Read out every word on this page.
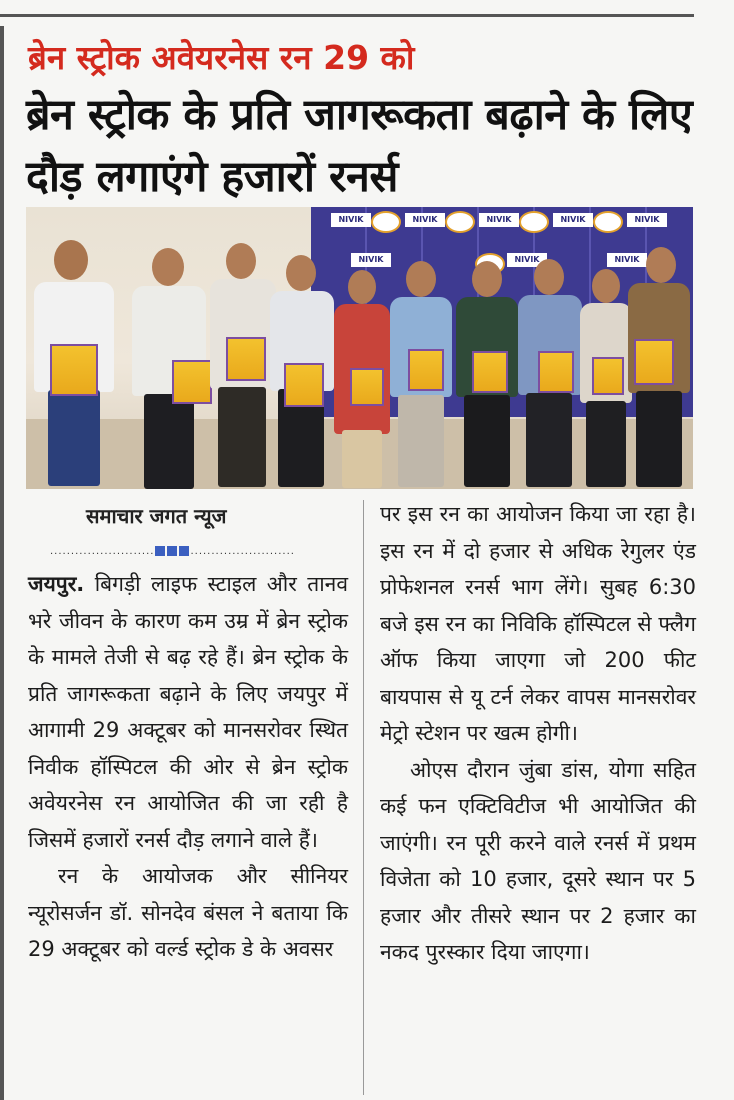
ब्रेन स्ट्रोक अवेयरनेस रन 29 को
ब्रेन स्ट्रोक के प्रति जागरूकता बढ़ाने के लिए दौड़ लगाएंगे हजारों रनर्स
NIVIK	NIVIK	NIVIK	NIVIK	NIVIK
NIVIK	NIVIK	NIVIK
समाचार जगत न्यूज
.........................	.........................

जयपुर. बिगड़ी लाइफ स्टाइल और तानव भरे जीवन के कारण कम उम्र में ब्रेन स्ट्रोक के मामले तेजी से बढ़ रहे हैं। ब्रेन स्ट्रोक के प्रति जागरूकता बढ़ाने के लिए जयपुर में आगामी 29 अक्टूबर को मानसरोवर स्थित निवीक हॉस्पिटल की ओर से ब्रेन स्ट्रोक अवेयरनेस रन आयोजित की जा रही है जिसमें हजारों रनर्स दौड़ लगाने वाले हैं।

रन के आयोजक और सीनियर न्यूरोसर्जन डॉ. सोनदेव बंसल ने बताया कि 29 अक्टूबर को वर्ल्ड स्ट्रोक डे के अवसर

पर इस रन का आयोजन किया जा रहा है। इस रन में दो हजार से अधिक रेगुलर एंड प्रोफेशनल रनर्स भाग लेंगे। सुबह 6:30 बजे इस रन का निविकि हॉस्पिटल से फ्लैग ऑफ किया जाएगा जो 200 फीट बायपास से यू टर्न लेकर वापस मानसरोवर मेट्रो स्टेशन पर खत्म होगी।

ओएस दौरान जुंबा डांस, योगा सहित कई फन एक्टिविटीज भी आयोजित की जाएंगी। रन पूरी करने वाले रनर्स में प्रथम विजेता को 10 हजार, दूसरे स्थान पर 5 हजार और तीसरे स्थान पर 2 हजार का नकद पुरस्कार दिया जाएगा।
